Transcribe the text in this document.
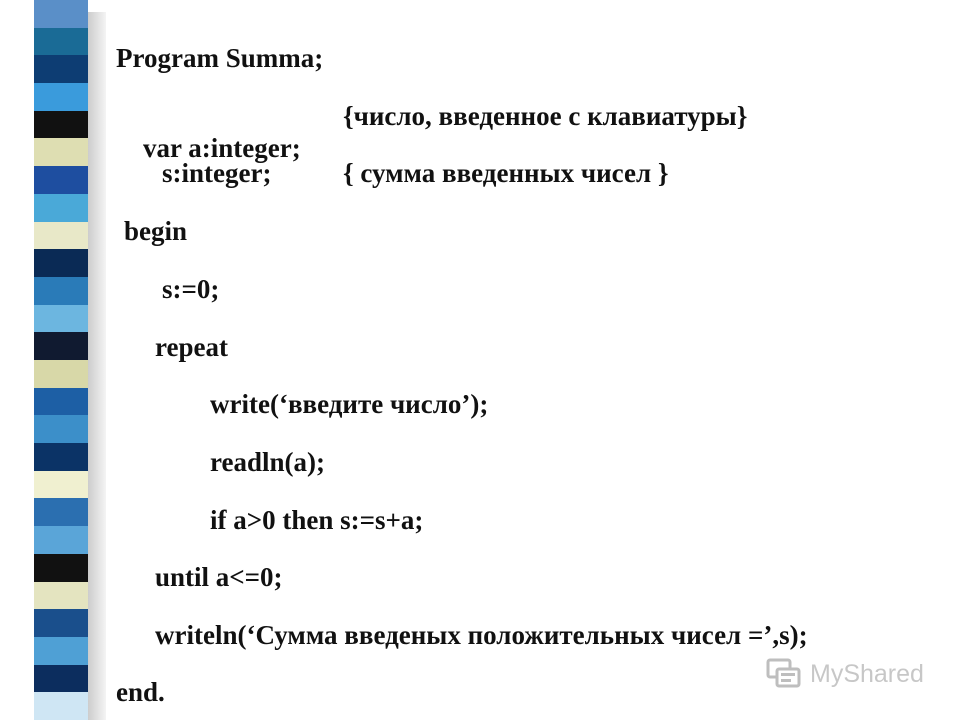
Program Summa;

var a:integer;

{число, введенное с клавиатуры}
s:integer;	{ сумма введенных чисел }
begin
s:=0;
repeat
write(‘введите число’);
readln(a);
if a>0 then s:=s+a;
until a<=0;
writeln(‘Сумма введеных положительных чисел =’,s);
end.
MyShared
